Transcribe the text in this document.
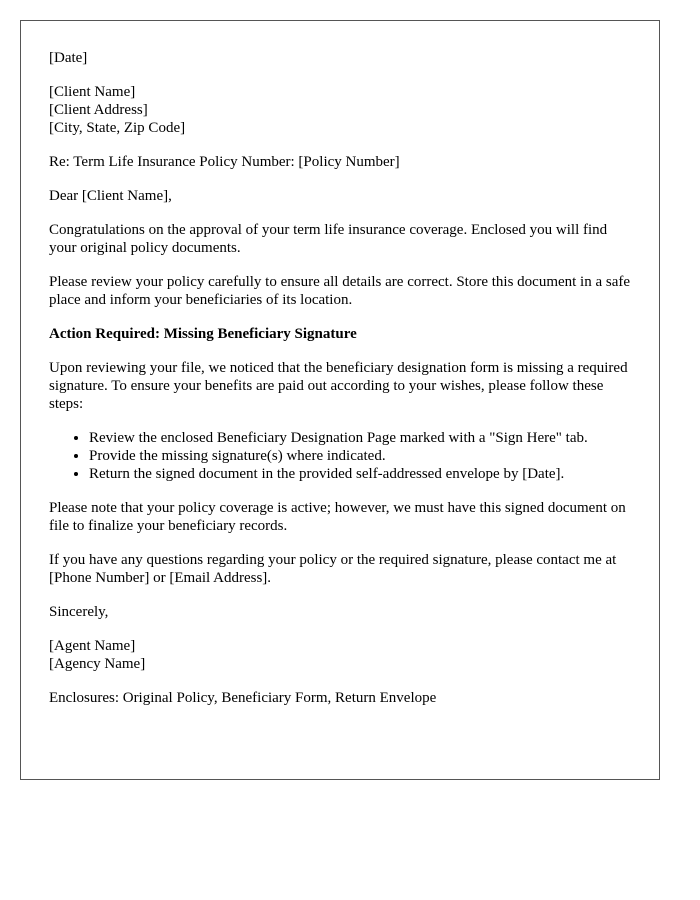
[Date]

[Client Name]
[Client Address]
[City, State, Zip Code]

Re: Term Life Insurance Policy Number: [Policy Number]

Dear [Client Name],

Congratulations on the approval of your term life insurance coverage. Enclosed you will find your original policy documents.

Please review your policy carefully to ensure all details are correct. Store this document in a safe place and inform your beneficiaries of its location.

Action Required: Missing Beneficiary Signature

Upon reviewing your file, we noticed that the beneficiary designation form is missing a required signature. To ensure your benefits are paid out according to your wishes, please follow these steps:

• Review the enclosed Beneficiary Designation Page marked with a "Sign Here" tab.
• Provide the missing signature(s) where indicated.
• Return the signed document in the provided self-addressed envelope by [Date].

Please note that your policy coverage is active; however, we must have this signed document on file to finalize your beneficiary records.

If you have any questions regarding your policy or the required signature, please contact me at [Phone Number] or [Email Address].

Sincerely,

[Agent Name]
[Agency Name]

Enclosures: Original Policy, Beneficiary Form, Return Envelope
